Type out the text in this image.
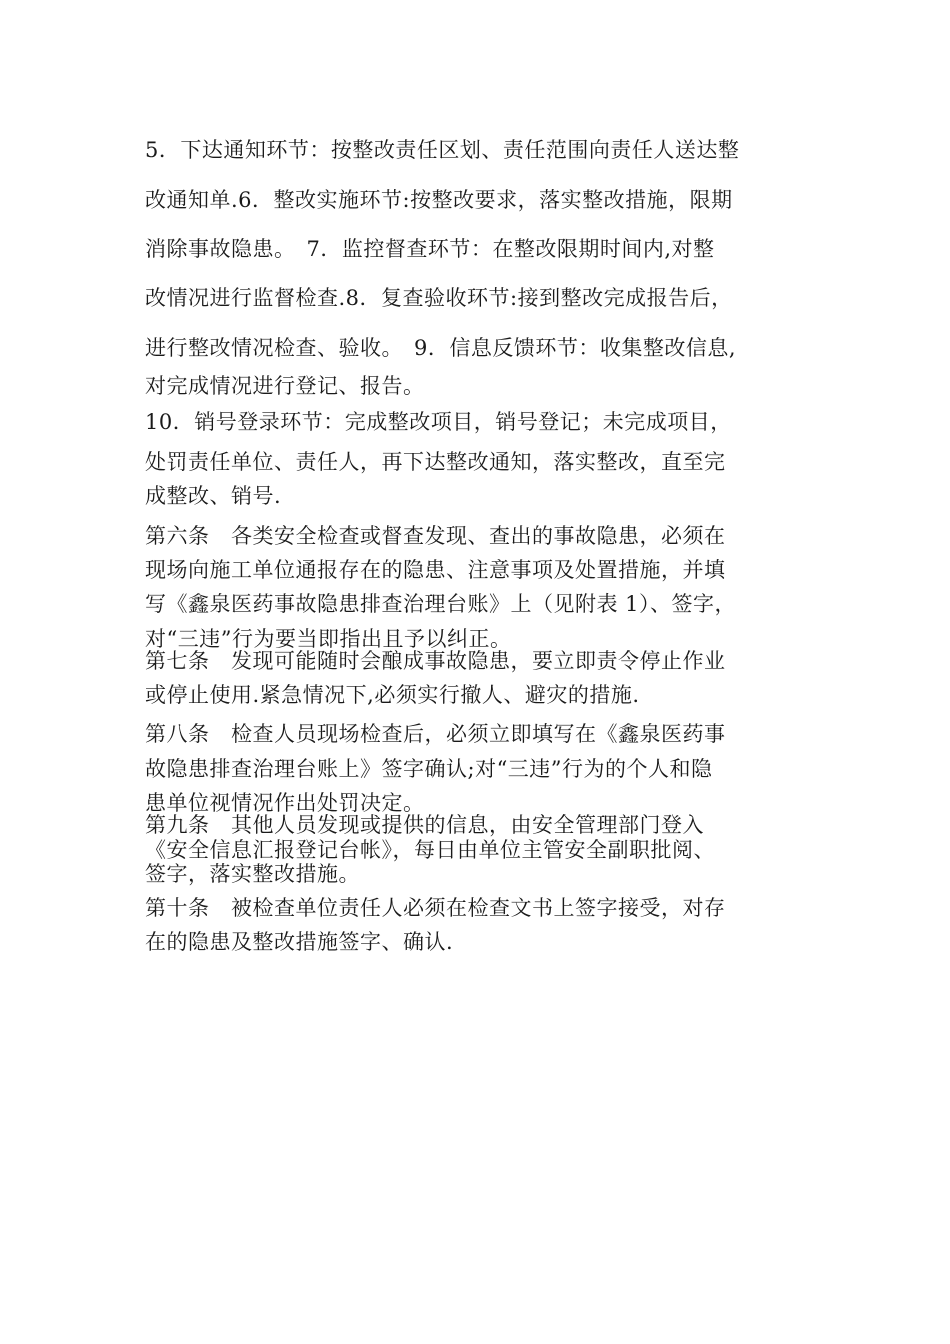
5．下达通知环节：按整改责任区划、责任范围向责任人送达整
改通知单.6．整改实施环节:按整改要求，落实整改措施，限期
消除事故隐患。　7．监控督查环节：在整改限期时间内,对整
改情况进行监督检查.8．复查验收环节:接到整改完成报告后，
进行整改情况检查、验收。　9．信息反馈环节：收集整改信息,
对完成情况进行登记、报告。
10．销号登录环节：完成整改项目，销号登记；未完成项目，
处罚责任单位、责任人，再下达整改通知，落实整改，直至完
成整改、销号.
第六条　各类安全检查或督查发现、查出的事故隐患，必须在
现场向施工单位通报存在的隐患、注意事项及处置措施，并填
写《鑫泉医药事故隐患排查治理台账》上（见附表 1）、签字，
对“三违”行为要当即指出且予以纠正。
第七条　发现可能随时会酿成事故隐患，要立即责令停止作业
或停止使用.紧急情况下,必须实行撤人、避灾的措施.
第八条　检查人员现场检查后，必须立即填写在《鑫泉医药事
故隐患排查治理台账上》签字确认;对“三违”行为的个人和隐
患单位视情况作出处罚决定。
第九条　其他人员发现或提供的信息，由安全管理部门登入
《安全信息汇报登记台帐》，每日由单位主管安全副职批阅、
签字，落实整改措施。
第十条　被检查单位责任人必须在检查文书上签字接受，对存
在的隐患及整改措施签字、确认.
